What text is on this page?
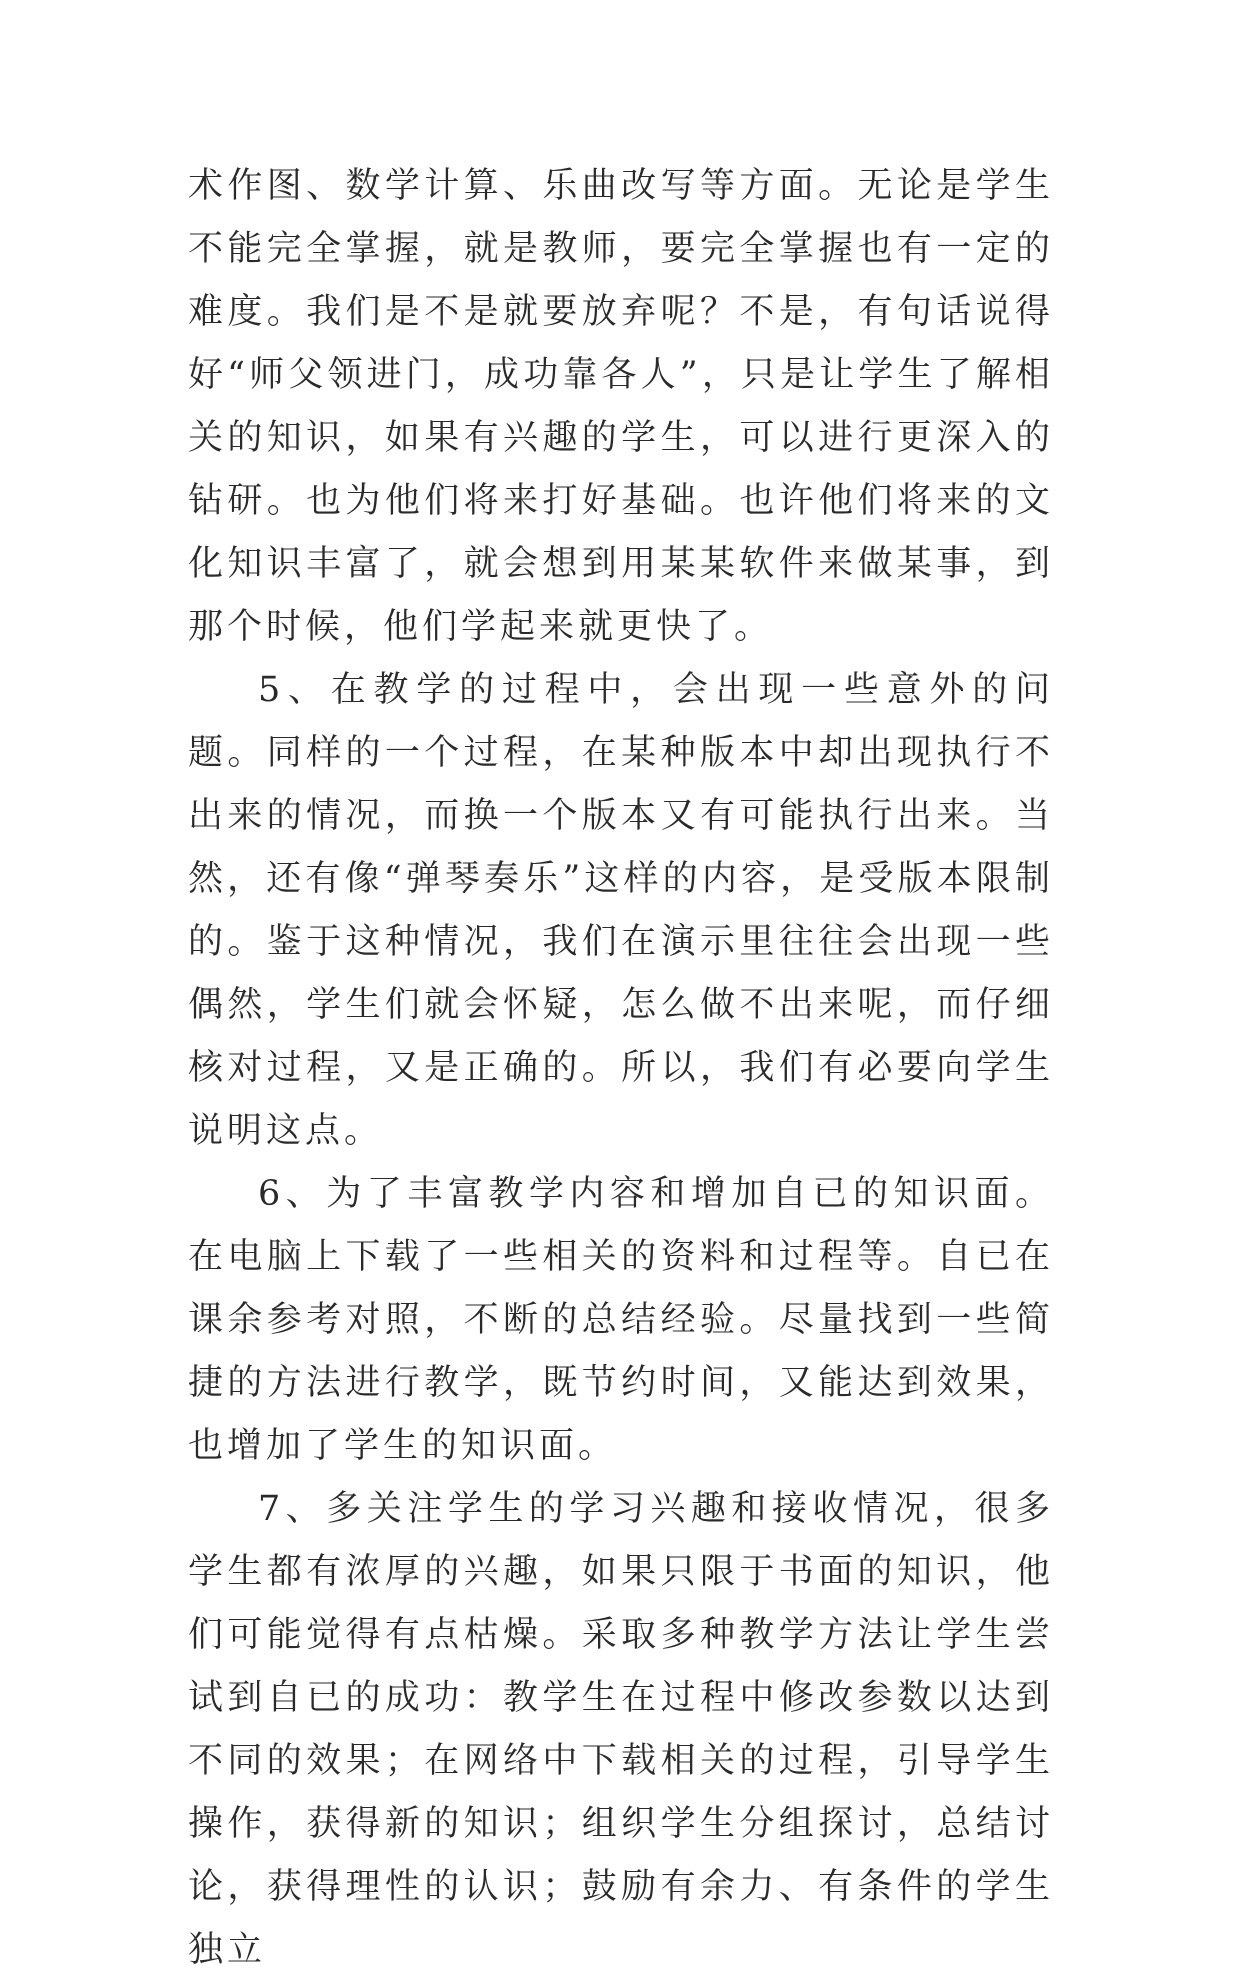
术作图、数学计算、乐曲改写等方面。无论是学生不能完全掌握，就是教师，要完全掌握也有一定的难度。我们是不是就要放弃呢？不是，有句话说得好“师父领进门，成功靠各人”，只是让学生了解相关的知识，如果有兴趣的学生，可以进行更深入的钻研。也为他们将来打好基础。也许他们将来的文化知识丰富了，就会想到用某某软件来做某事，到那个时候，他们学起来就更快了。

5、在教学的过程中，会出现一些意外的问题。同样的一个过程，在某种版本中却出现执行不出来的情况，而换一个版本又有可能执行出来。当然，还有像“弹琴奏乐”这样的内容，是受版本限制的。鉴于这种情况，我们在演示里往往会出现一些偶然，学生们就会怀疑，怎么做不出来呢，而仔细核对过程，又是正确的。所以，我们有必要向学生说明这点。

6、为了丰富教学内容和增加自已的知识面。在电脑上下载了一些相关的资料和过程等。自已在课余参考对照，不断的总结经验。尽量找到一些简捷的方法进行教学，既节约时间，又能达到效果，也增加了学生的知识面。

7、多关注学生的学习兴趣和接收情况，很多学生都有浓厚的兴趣，如果只限于书面的知识，他们可能觉得有点枯燥。采取多种教学方法让学生尝试到自已的成功：教学生在过程中修改参数以达到不同的效果；在网络中下载相关的过程，引导学生操作，获得新的知识；组织学生分组探讨，总结讨论，获得理性的认识；鼓励有余力、有条件的学生独立
